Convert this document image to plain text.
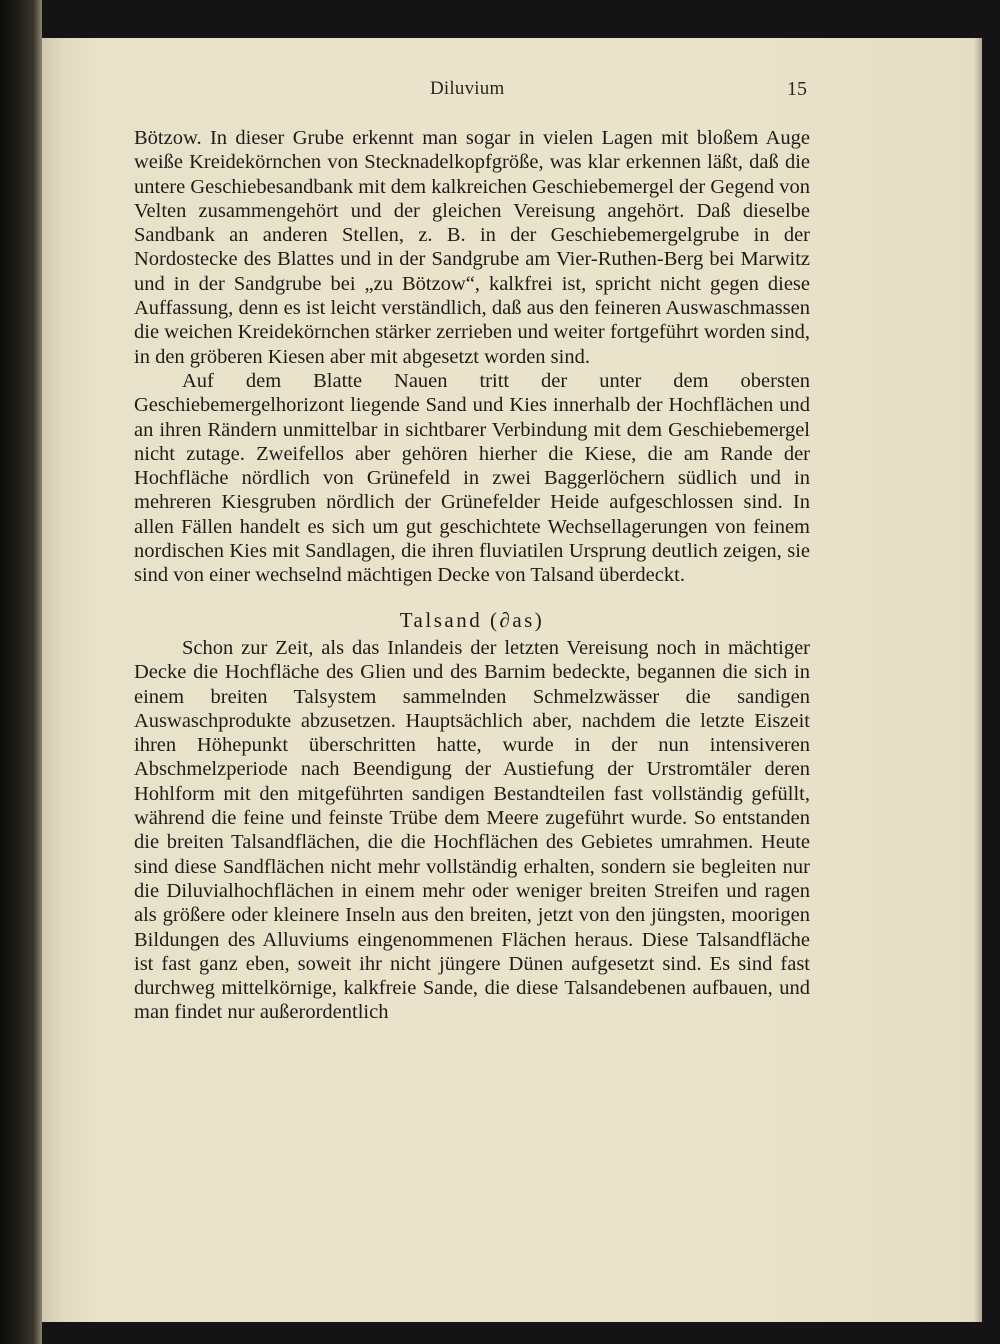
Diluvium	15

Bötzow. In dieser Grube erkennt man sogar in vielen Lagen mit bloßem Auge weiße Kreidekörnchen von Stecknadelkopfgröße, was klar erkennen läßt, daß die untere Geschiebesandbank mit dem kalkreichen Geschiebemergel der Gegend von Velten zusammengehört und der gleichen Vereisung angehört. Daß dieselbe Sandbank an anderen Stellen, z. B. in der Geschiebemergelgrube in der Nordostecke des Blattes und in der Sandgrube am Vier-Ruthen-Berg bei Marwitz und in der Sandgrube bei „zu Bötzow“, kalkfrei ist, spricht nicht gegen diese Auffassung, denn es ist leicht verständlich, daß aus den feineren Auswaschmassen die weichen Kreidekörnchen stärker zerrieben und weiter fortgeführt worden sind, in den gröberen Kiesen aber mit abgesetzt worden sind.

Auf dem Blatte Nauen tritt der unter dem obersten Geschiebemergelhorizont liegende Sand und Kies innerhalb der Hochflächen und an ihren Rändern unmittelbar in sichtbarer Verbindung mit dem Geschiebemergel nicht zutage. Zweifellos aber gehören hierher die Kiese, die am Rande der Hochfläche nördlich von Grünefeld in zwei Baggerlöchern südlich und in mehreren Kiesgruben nördlich der Grünefelder Heide aufgeschlossen sind. In allen Fällen handelt es sich um gut geschichtete Wechsellagerungen von feinem nordischen Kies mit Sandlagen, die ihren fluviatilen Ursprung deutlich zeigen, sie sind von einer wechselnd mächtigen Decke von Talsand überdeckt.

Talsand (∂as)

Schon zur Zeit, als das Inlandeis der letzten Vereisung noch in mächtiger Decke die Hochfläche des Glien und des Barnim bedeckte, begannen die sich in einem breiten Talsystem sammelnden Schmelzwässer die sandigen Auswaschprodukte abzusetzen. Hauptsächlich aber, nachdem die letzte Eiszeit ihren Höhepunkt überschritten hatte, wurde in der nun intensiveren Abschmelzperiode nach Beendigung der Austiefung der Urstromtäler deren Hohlform mit den mitgeführten sandigen Bestandteilen fast vollständig gefüllt, während die feine und feinste Trübe dem Meere zugeführt wurde. So entstanden die breiten Talsandflächen, die die Hochflächen des Gebietes umrahmen. Heute sind diese Sandflächen nicht mehr vollständig erhalten, sondern sie begleiten nur die Diluvialhochflächen in einem mehr oder weniger breiten Streifen und ragen als größere oder kleinere Inseln aus den breiten, jetzt von den jüngsten, moorigen Bildungen des Alluviums eingenommenen Flächen heraus. Diese Talsandfläche ist fast ganz eben, soweit ihr nicht jüngere Dünen aufgesetzt sind. Es sind fast durchweg mittelkörnige, kalkfreie Sande, die diese Talsandebenen aufbauen, und man findet nur außerordentlich
